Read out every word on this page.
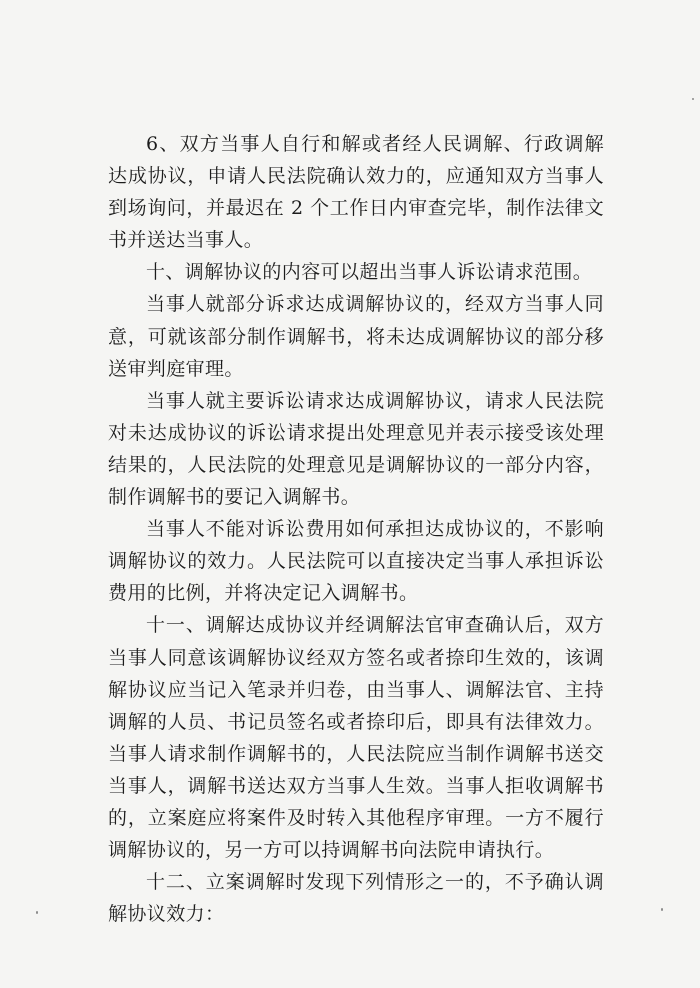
6、双方当事人自行和解或者经人民调解、行政调解达成协议，申请人民法院确认效力的，应通知双方当事人到场询问，并最迟在 2 个工作日内审查完毕，制作法律文书并送达当事人。

十、调解协议的内容可以超出当事人诉讼请求范围。

当事人就部分诉求达成调解协议的，经双方当事人同意，可就该部分制作调解书，将未达成调解协议的部分移送审判庭审理。

当事人就主要诉讼请求达成调解协议，请求人民法院对未达成协议的诉讼请求提出处理意见并表示接受该处理结果的，人民法院的处理意见是调解协议的一部分内容，制作调解书的要记入调解书。

当事人不能对诉讼费用如何承担达成协议的，不影响调解协议的效力。人民法院可以直接决定当事人承担诉讼费用的比例，并将决定记入调解书。

十一、调解达成协议并经调解法官审查确认后，双方当事人同意该调解协议经双方签名或者捺印生效的，该调解协议应当记入笔录并归卷，由当事人、调解法官、主持调解的人员、书记员签名或者捺印后，即具有法律效力。当事人请求制作调解书的，人民法院应当制作调解书送交当事人，调解书送达双方当事人生效。当事人拒收调解书的，立案庭应将案件及时转入其他程序审理。一方不履行调解协议的，另一方可以持调解书向法院申请执行。

十二、立案调解时发现下列情形之一的，不予确认调解协议效力：
